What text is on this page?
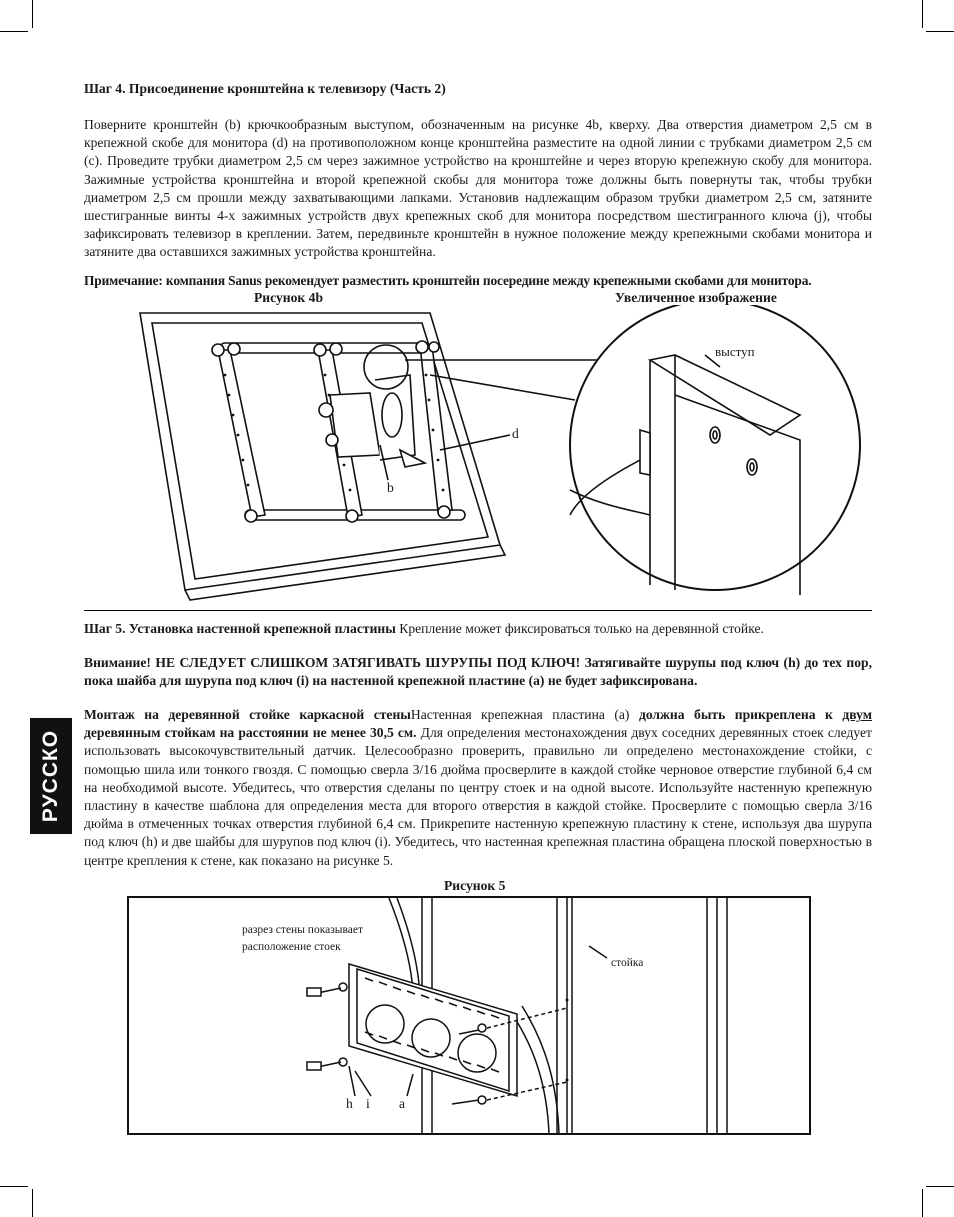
Шаг 4. Присоединение кронштейна к телевизору (Часть 2)

Поверните кронштейн (b) крючкообразным выступом, обозначенным на рисунке 4b, кверху. Два отверстия диаметром 2,5 см в крепежной скобе для монитора (d) на противоположном конце кронштейна разместите на одной линии с трубками диаметром 2,5 см (с). Проведите трубки диаметром 2,5 см через зажимное устройство на кронштейне и через вторую крепежную скобу для монитора. Зажимные устройства кронштейна и второй крепежной скобы для монитора тоже должны быть повернуты так, чтобы трубки диаметром 2,5 см прошли между захватывающими лапками. Установив надлежащим образом трубки диаметром 2,5 см, затяните шестигранные винты 4-х зажимных устройств двух крепежных скоб для монитора посредством шестигранного ключа (j), чтобы зафиксировать телевизор в креплении. Затем, передвиньте кронштейн в нужное положение между крепежными скобами монитора и затяните два оставшихся зажимных устройства кронштейна.

Примечание: компания Sanus рекомендует разместить кронштейн посередине между крепежными скобами для монитора.
Рисунок 4b	Увеличенное изображение
d
b
выступ
Шаг 5. Установка настенной крепежной пластины Крепление может фиксироваться только на деревянной стойке.

Внимание! НЕ СЛЕДУЕТ СЛИШКОМ ЗАТЯГИВАТЬ ШУРУПЫ ПОД КЛЮЧ! Затягивайте шурупы под ключ (h) до тех пор, пока шайба для шурупа под ключ (i) на настенной крепежной пластине (а) не будет зафиксирована.

Монтаж на деревянной стойке каркасной стеныНастенная крепежная пластина (а) должна быть прикреплена к двум деревянным стойкам на расстоянии не менее 30,5 см. Для определения местонахождения двух соседних деревянных стоек следует использовать высокочувствительный датчик. Целесообразно проверить, правильно ли определено местонахождение стойки, с помощью шила или тонкого гвоздя. С помощью сверла 3/16 дюйма просверлите в каждой стойке черновое отверстие глубиной 6,4 см на необходимой высоте. Убедитесь, что отверстия сделаны по центру стоек и на одной высоте. Используйте настенную крепежную пластину в качестве шаблона для определения места для второго отверстия в каждой стойке. Просверлите с помощью сверла 3/16 дюйма в отмеченных точках отверстия глубиной 6,4 см. Прикрепите настенную крепежную пластину к стене, используя два шурупа под ключ (h) и две шайбы для шурупов под ключ (i). Убедитесь, что настенная крепежная пластина обращена плоской поверхностью в центре крепления к стене, как показано на рисунке 5.

РУССКО
Рисунок 5
разрез стены показывает
расположение стоек
стойка
h i a
